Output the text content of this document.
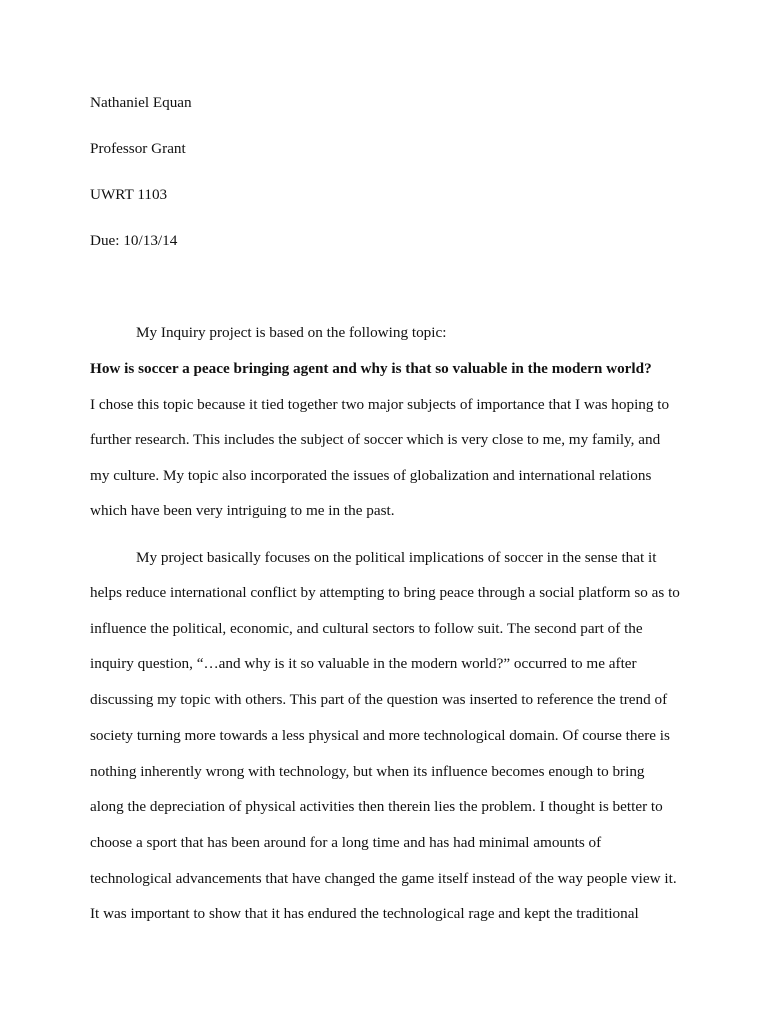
Nathaniel Equan
Professor Grant
UWRT 1103
Due: 10/13/14
My Inquiry project is based on the following topic:
How is soccer a peace bringing agent and why is that so valuable in the modern world?
I chose this topic because it tied together two major subjects of importance that I was hoping to
further research. This includes the subject of soccer which is very close to me, my family, and
my culture. My topic also incorporated the issues of globalization and international relations
which have been very intriguing to me in the past.
My project basically focuses on the political implications of soccer in the sense that it
helps reduce international conflict by attempting to bring peace through a social platform so as to
influence the political, economic, and cultural sectors to follow suit. The second part of the
inquiry question, “…and why is it so valuable in the modern world?” occurred to me after
discussing my topic with others. This part of the question was inserted to reference the trend of
society turning more towards a less physical and more technological domain. Of course there is
nothing inherently wrong with technology, but when its influence becomes enough to bring
along the depreciation of physical activities then therein lies the problem. I thought is better to
choose a sport that has been around for a long time and has had minimal amounts of
technological advancements that have changed the game itself instead of the way people view it.
It was important to show that it has endured the technological rage and kept the traditional
